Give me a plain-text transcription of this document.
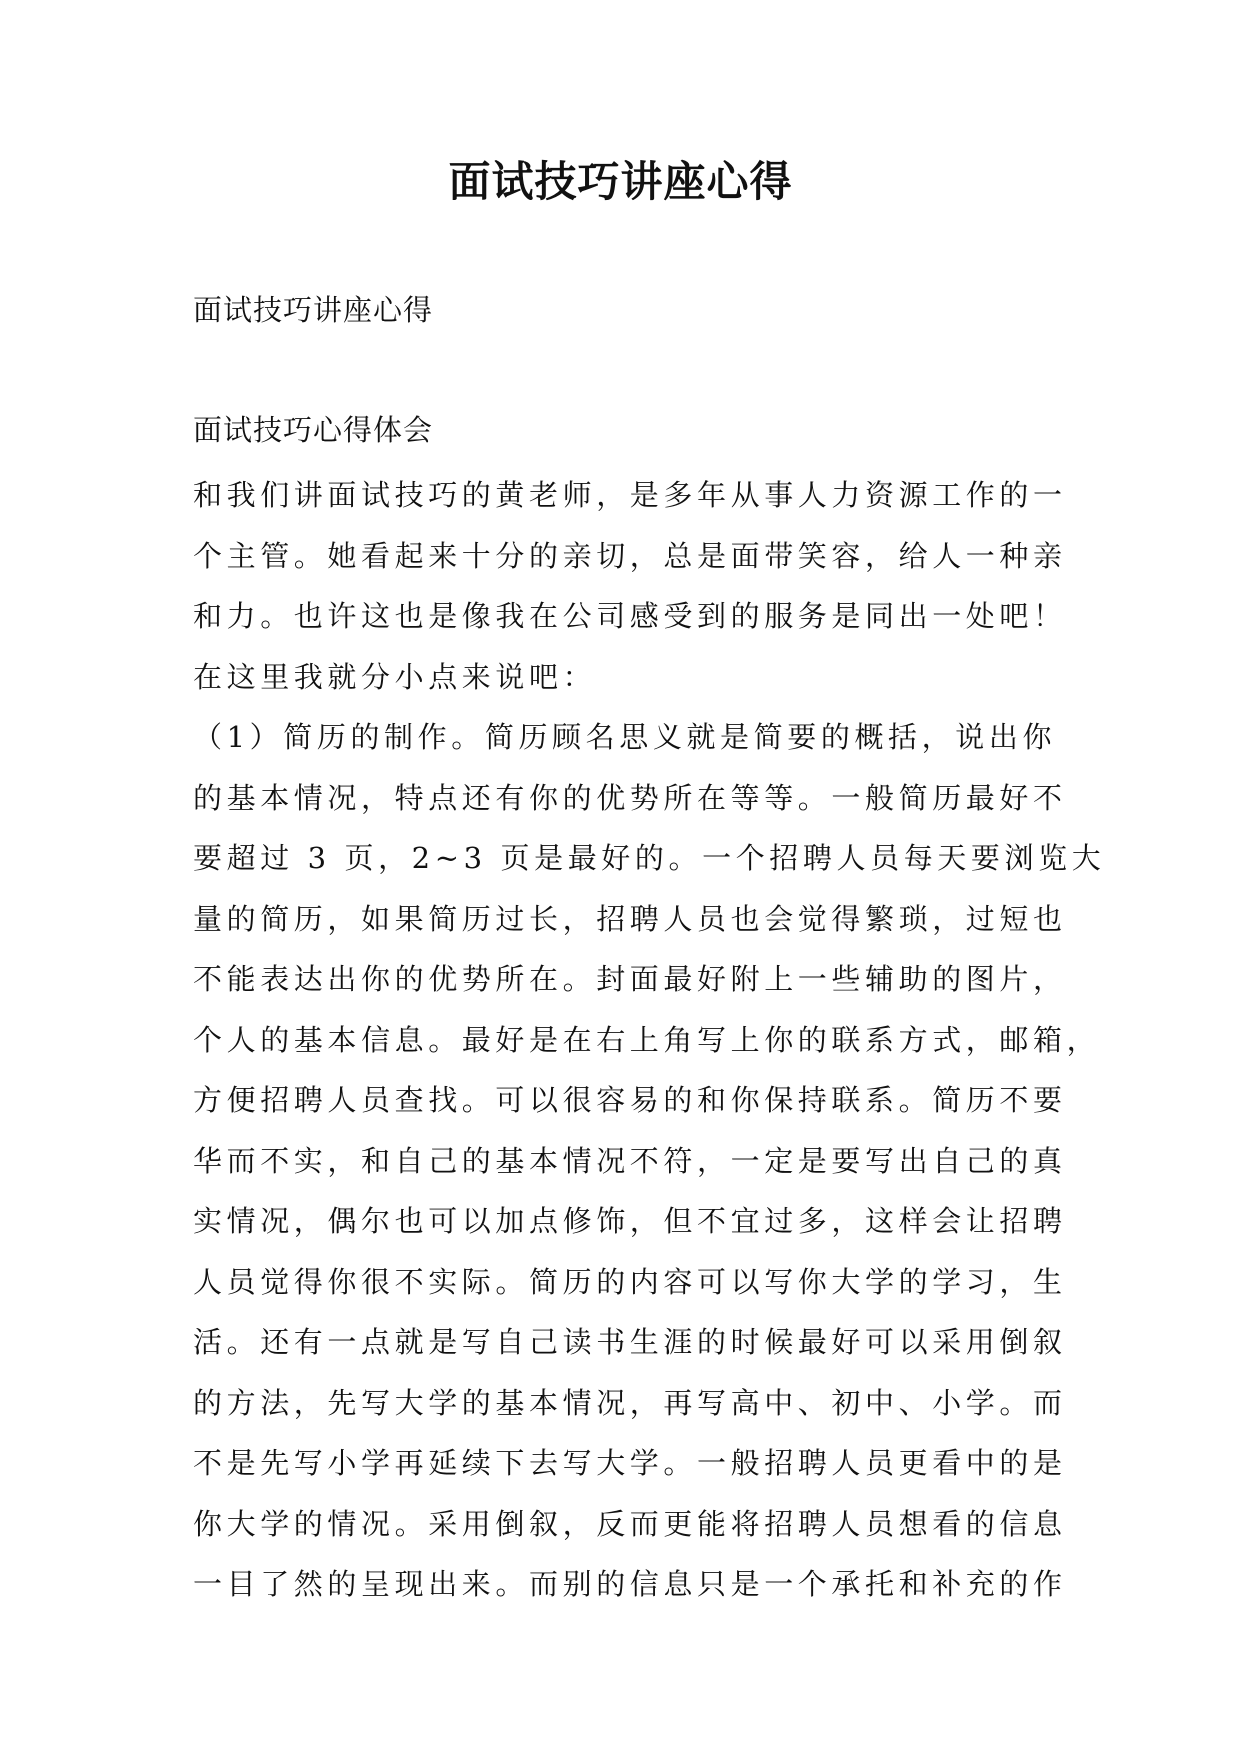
面试技巧讲座心得

面试技巧讲座心得

面试技巧心得体会

和我们讲面试技巧的黄老师，是多年从事人力资源工作的一
个主管。她看起来十分的亲切，总是面带笑容，给人一种亲
和力。也许这也是像我在公司感受到的服务是同出一处吧！
在这里我就分小点来说吧：
（1）简历的制作。简历顾名思义就是简要的概括，说出你
的基本情况，特点还有你的优势所在等等。一般简历最好不
要超过 3 页，2~3 页是最好的。一个招聘人员每天要浏览大
量的简历，如果简历过长，招聘人员也会觉得繁琐，过短也
不能表达出你的优势所在。封面最好附上一些辅助的图片，
个人的基本信息。最好是在右上角写上你的联系方式，邮箱，
方便招聘人员查找。可以很容易的和你保持联系。简历不要
华而不实，和自己的基本情况不符，一定是要写出自己的真
实情况，偶尔也可以加点修饰，但不宜过多，这样会让招聘
人员觉得你很不实际。简历的内容可以写你大学的学习，生
活。还有一点就是写自己读书生涯的时候最好可以采用倒叙
的方法，先写大学的基本情况，再写高中、初中、小学。而
不是先写小学再延续下去写大学。一般招聘人员更看中的是
你大学的情况。采用倒叙，反而更能将招聘人员想看的信息
一目了然的呈现出来。而别的信息只是一个承托和补充的作
